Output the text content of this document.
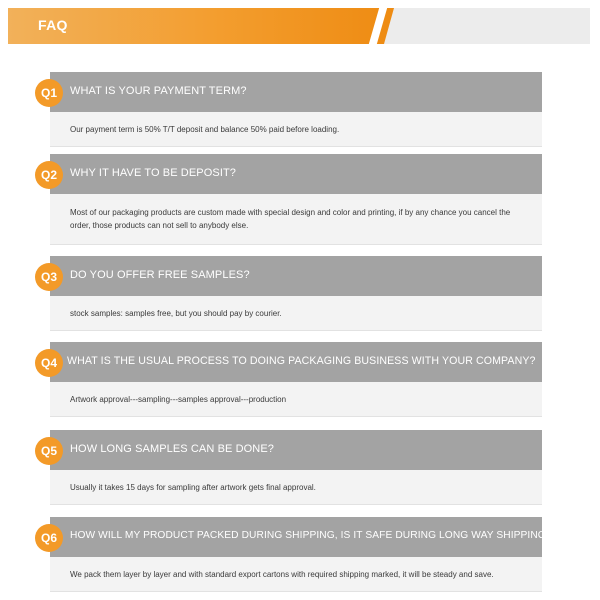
FAQ
Q1	WHAT IS YOUR PAYMENT TERM?
Our payment term is 50% T/T deposit and balance 50% paid before loading.
Q2	WHY IT HAVE TO BE DEPOSIT?
Most of our packaging products are custom made with special design and color and printing, if by any chance you cancel the order, those products can not sell to anybody else.
Q3	DO YOU OFFER FREE SAMPLES?
stock samples: samples free, but you should pay by courier.
Q4 WHAT IS THE USUAL PROCESS TO DOING PACKAGING BUSINESS WITH YOUR COMPANY?
Artwork approval---sampling---samples approval---production
Q5	HOW LONG SAMPLES CAN BE DONE?
Usually it takes 15 days for sampling after artwork gets final approval.
Q6	HOW WILL MY PRODUCT PACKED DURING SHIPPING, IS IT SAFE DURING LONG WAY SHIPPING?
We pack them layer by layer and with standard export cartons with required shipping marked, it will be steady and save.
